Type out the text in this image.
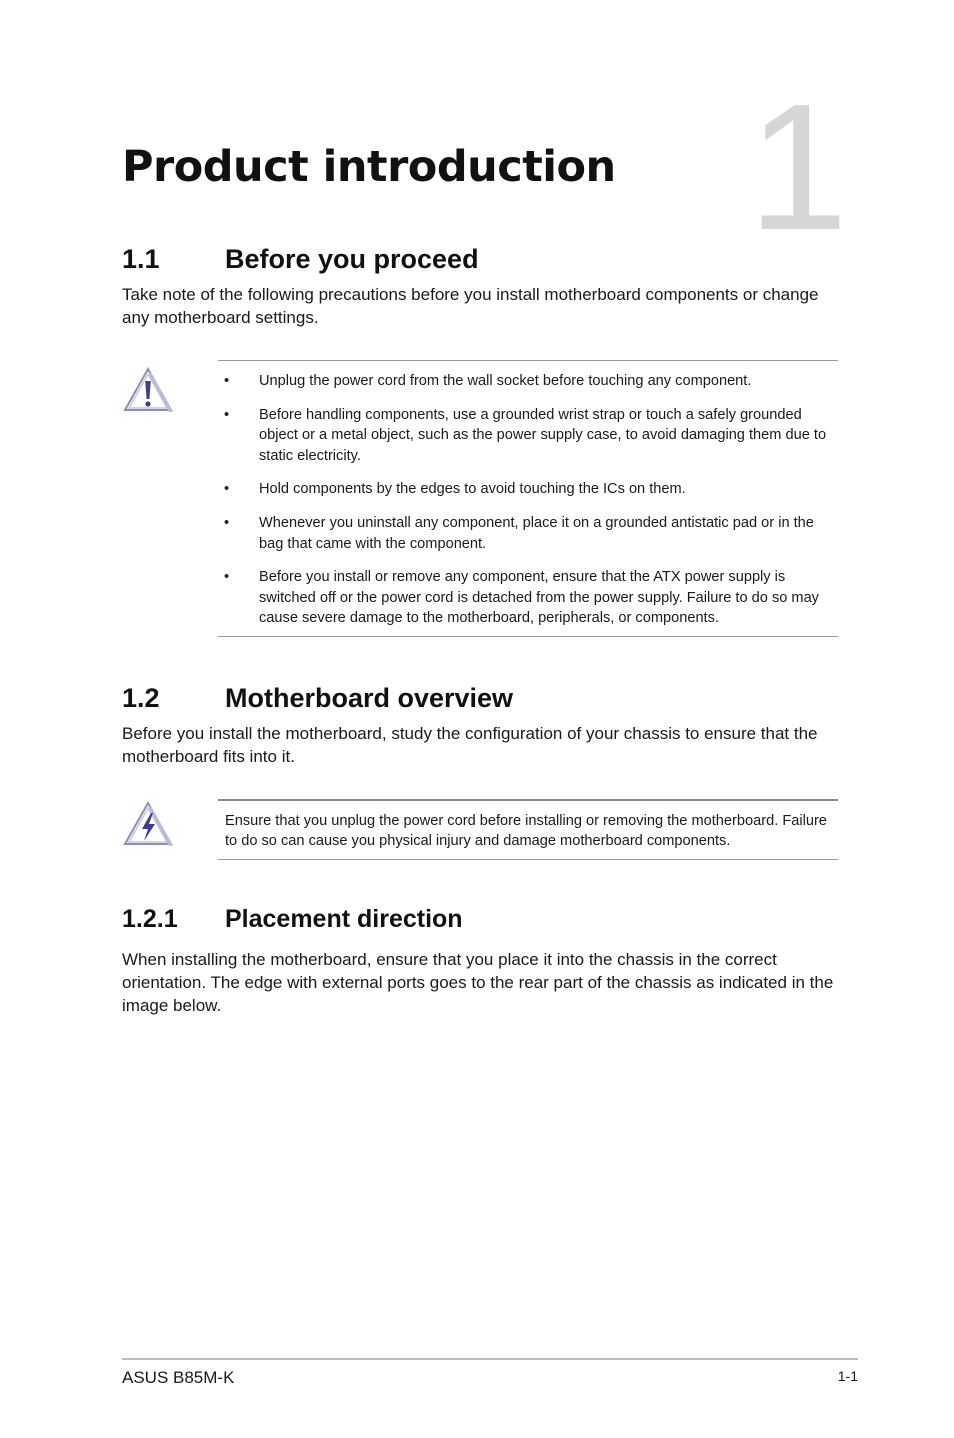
1
Product introduction
1.1	Before you proceed

Take note of the following precautions before you install motherboard components or change any motherboard settings.

• Unplug the power cord from the wall socket before touching any component.
• Before handling components, use a grounded wrist strap or touch a safely grounded object or a metal object, such as the power supply case, to avoid damaging them due to static electricity.
• Hold components by the edges to avoid touching the ICs on them.
• Whenever you uninstall any component, place it on a grounded antistatic pad or in the bag that came with the component.
• Before you install or remove any component, ensure that the ATX power supply is switched off or the power cord is detached from the power supply. Failure to do so may cause severe damage to the motherboard, peripherals, or components.
1.2	Motherboard overview

Before you install the motherboard, study the configuration of your chassis to ensure that the motherboard fits into it.

Ensure that you unplug the power cord before installing or removing the motherboard. Failure to do so can cause you physical injury and damage motherboard components.

1.2.1	Placement direction

When installing the motherboard, ensure that you place it into the chassis in the correct orientation. The edge with external ports goes to the rear part of the chassis as indicated in the image below.

ASUS B85M-K	1-1
